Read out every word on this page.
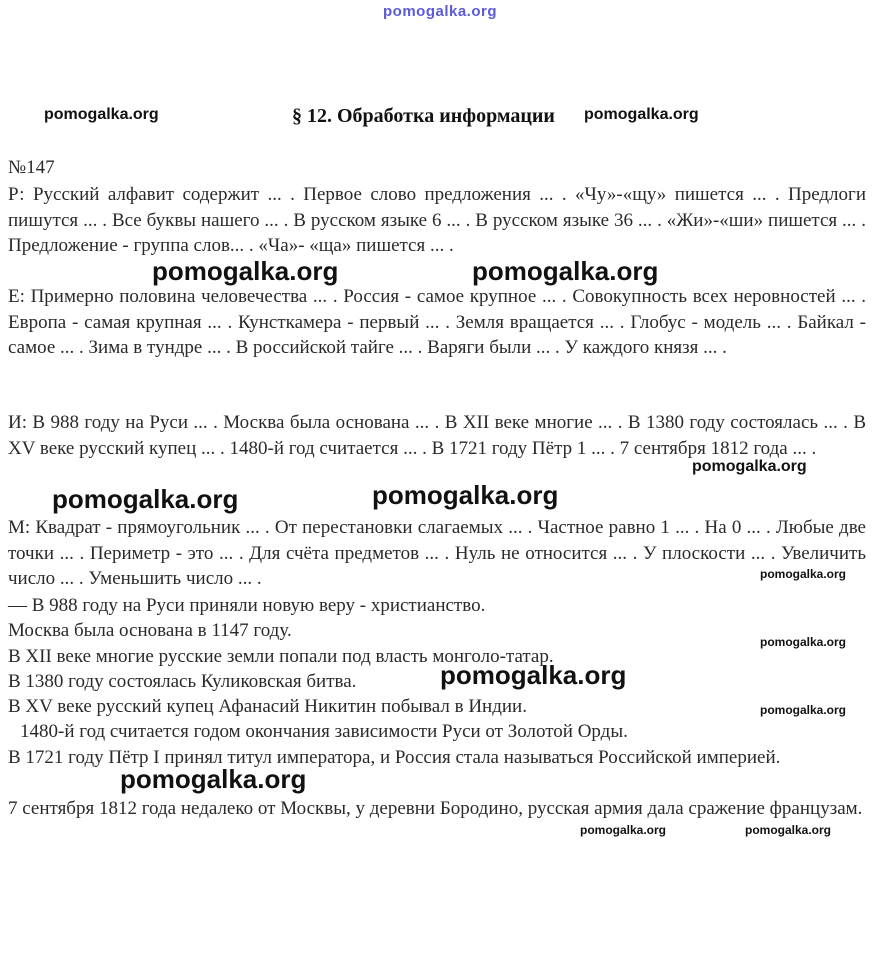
pomogalka.org
pomogalka.org	pomogalka.org
§ 12. Обработка информации
№147
Р: Русский алфавит содержит ... . Первое слово предложения ... . «Чу»-«щу» пишется ... . Предлоги пишутся ... . Все буквы нашего ... . В русском языке 6 ... . В русском языке 36 ... . «Жи»-«ши» пишется ... . Предложение - группа слов... . «Ча»- «ща» пишется ... .
pomogalka.org	pomogalka.org
Е: Примерно половина человечества ... . Россия - самое крупное ... . Совокупность всех неровностей ... . Европа - самая крупная ... . Кунсткамера - первый ... . Земля вращается ... . Глобус - модель ... . Байкал - самое ... . Зима в тундре ... . В российской тайге ... . Варяги были ... . У каждого князя ... .
И: В 988 году на Руси ... . Москва была основана ... . В XII веке многие ... . В 1380 году состоялась ... . В XV веке русский купец ... . 1480-й год считается ... . В 1721 году Пётр 1 ... . 7 сентября 1812 года ... .
pomogalka.org
pomogalka.org	pomogalka.org
М: Квадрат - прямоугольник ... . От перестановки слагаемых ... . Частное равно 1 ... . На 0 ... . Любые две точки ... . Периметр - это ... . Для счёта предметов ... . Нуль не относится ... . У плоскости ... . Увеличить число ... . Уменьшить число ... .	pomogalka.org
— В 988 году на Руси приняли новую веру - христианство.
Москва была основана в 1147 году.
pomogalka.org
В XII веке многие русские земли попали под власть монголо-татар.
В 1380 году состоялась Куликовская битва.	pomogalka.org
В XV веке русский купец Афанасий Никитин побывал в Индии.	pomogalka.org
1480-й год считается годом окончания зависимости Руси от Золотой Орды.
В 1721 году Пётр I принял титул императора, и Россия стала называться Российской империей.
pomogalka.org
7 сентября 1812 года недалеко от Москвы, у деревни Бородино, русская армия дала сражение французам.
pomogalka.org	pomogalka.org
